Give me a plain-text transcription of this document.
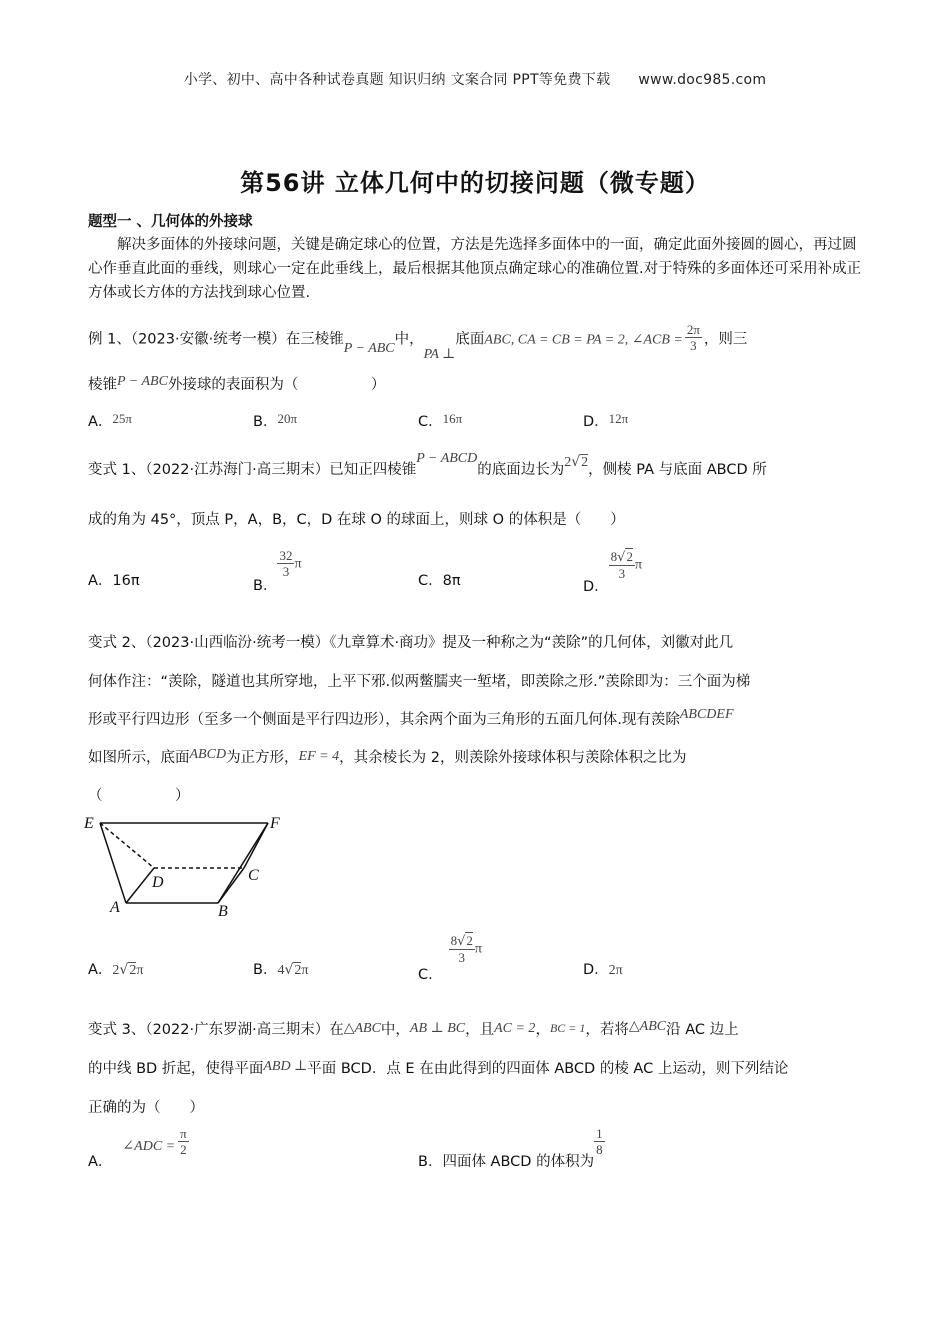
小学、初中、高中各种试卷真题 知识归纳 文案合同 PPT等免费下载 www.doc985.com
第56讲 立体几何中的切接问题（微专题）
题型一 、几何体的外接球
解决多面体的外接球问题，关键是确定球心的位置，方法是先选择多面体中的一面，确定此面外接圆的圆心，再过圆心作垂直此面的垂线，则球心一定在此垂线上，最后根据其他顶点确定球心的准确位置.对于特殊的多面体还可采用补成正方体或长方体的方法找到球心位置.
例 1、（2023·安徽·统考一模）在三棱锥P − ABC中，PA ⊥底面ABC, CA = CB = PA = 2, ∠ACB = $\frac{2\pi}{3}$ ，则三
棱锥P − ABC外接球的表面积为（　　　　　）
A．25π	B．20π	C．16π	D．12π
变式 1、（2022·江苏海门·高三期末）已知正四棱锥P − ABCD的底面边长为2√2，侧棱 PA 与底面 ABCD 所
成的角为 45°，顶点 P，A，B，C，D 在球 O 的球面上，则球 O 的体积是（　　）
A．16π	B．
$\frac{32}{3}$ π
C．8π	D．
$\frac{8√2}{3}$ π
变式 2、（2023·山西临汾·统考一模）《九章算术·商功》提及一种称之为“羡除”的几何体，刘徽对此几
何体作注：“羡除，隧道也其所穿地，上平下邪.似两鳖臑夹一堑堵，即羡除之形.”羡除即为：三个面为梯
形或平行四边形（至多一个侧面是平行四边形），其余两个面为三角形的五面几何体.现有羡除ABCDEF
如图所示，底面ABCD为正方形，EF = 4，其余棱长为 2，则羡除外接球体积与羡除体积之比为
（　　　　　）
E	F
D	C
A	B
A．2√2π	B．4√2π	C．
$\frac{8√2}{3}$ π
D．2π
变式 3、（2022·广东罗湖·高三期末）在△ABC中，AB ⊥ BC，且AC = 2，BC = 1，若将△ABC沿 AC 边上
的中线 BD 折起，使得平面ABD ⊥平面 BCD．点 E 在由此得到的四面体 ABCD 的棱 AC 上运动，则下列结论
正确的为（　　）
A．∠ADC = $\frac{\pi}{2}$
B．四面体 ABCD 的体积为
$\frac{1}{8}$
